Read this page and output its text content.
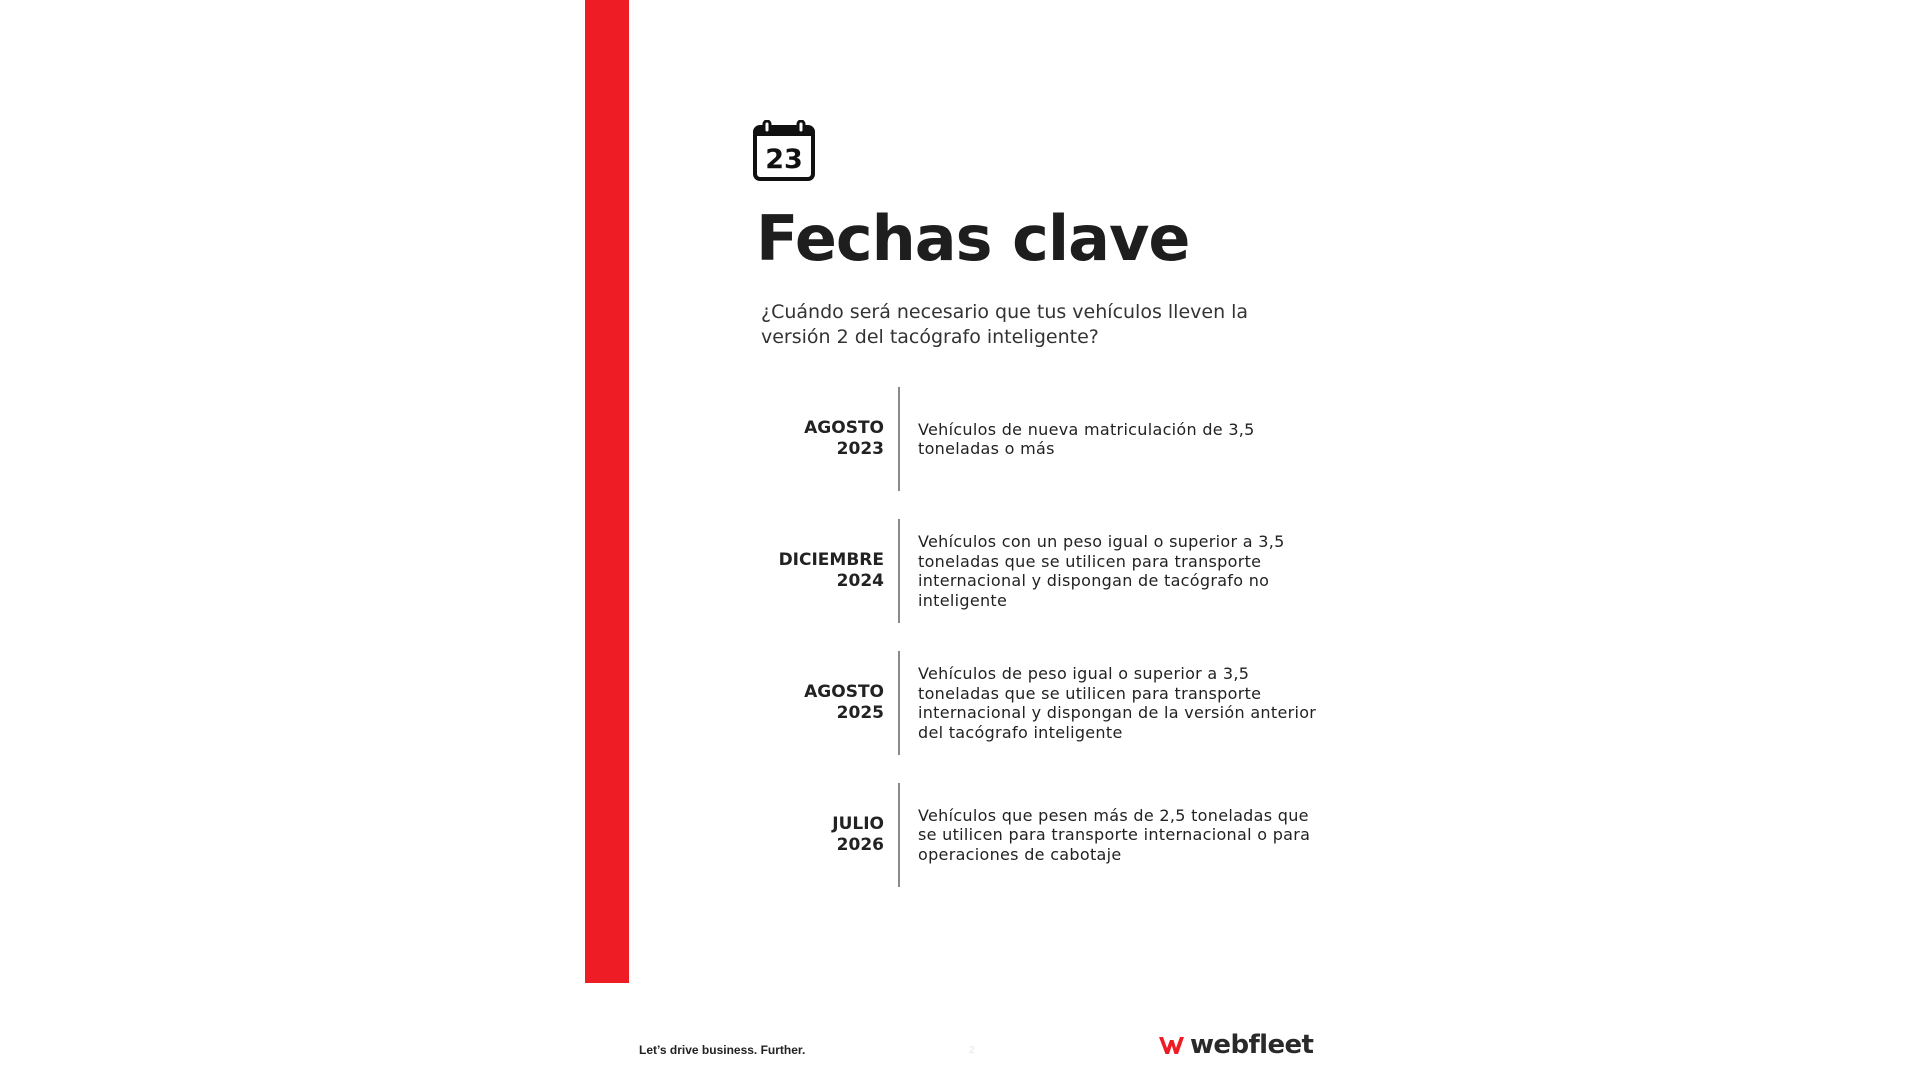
23
Fechas clave

¿Cuándo será necesario que tus vehículos lleven la versión 2 del tacógrafo inteligente?

AGOSTO
2023
Vehículos de nueva matriculación de 3,5 toneladas o más
DICIEMBRE
2024
Vehículos con un peso igual o superior a 3,5 toneladas que se utilicen para transporte internacional y dispongan de tacógrafo no inteligente
AGOSTO
2025
Vehículos de peso igual o superior a 3,5 toneladas que se utilicen para transporte internacional y dispongan de la versión anterior del tacógrafo inteligente
JULIO
2026
Vehículos que pesen más de 2,5 toneladas que se utilicen para transporte internacional o para operaciones de cabotaje
Let’s drive business. Further.	2	webfleet
